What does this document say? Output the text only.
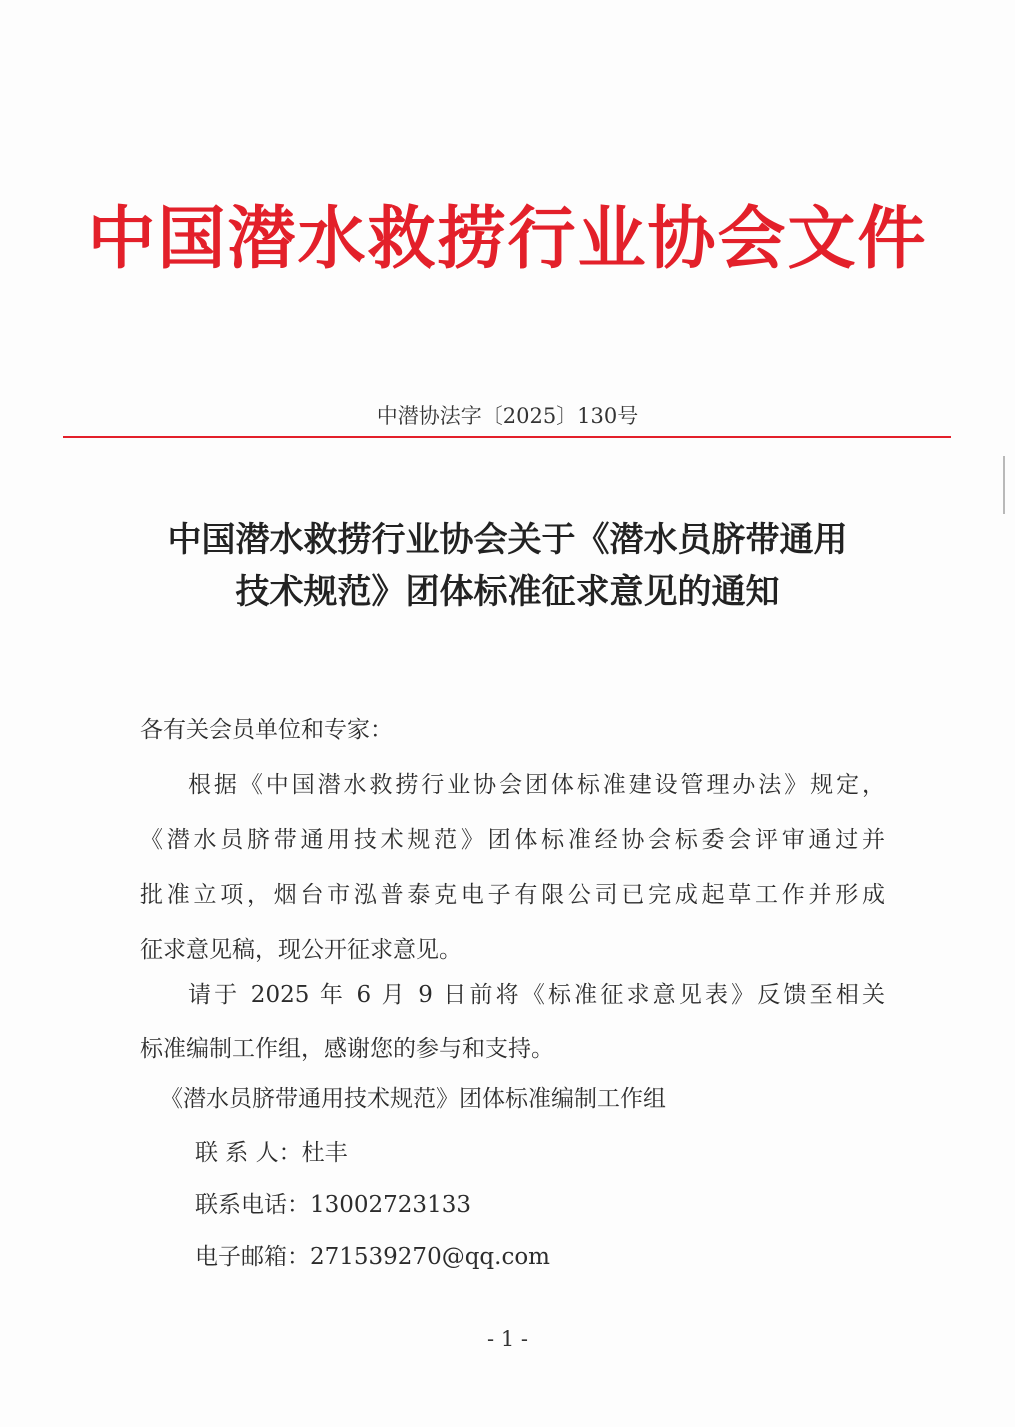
中国潜水救捞行业协会文件
中潜协法字〔2025〕130号
中国潜水救捞行业协会关于《潜水员脐带通用
技术规范》团体标准征求意见的通知
各有关会员单位和专家：
根据《中国潜水救捞行业协会团体标准建设管理办法》规定，
《潜水员脐带通用技术规范》团体标准经协会标委会评审通过并
批准立项，烟台市泓普泰克电子有限公司已完成起草工作并形成
征求意见稿，现公开征求意见。
请于 2025 年 6 月 9 日前将《标准征求意见表》反馈至相关
标准编制工作组，感谢您的参与和支持。
《潜水员脐带通用技术规范》团体标准编制工作组
联 系 人：杜丰
联系电话：13002723133
电子邮箱：271539270@qq.com
- 1 -
